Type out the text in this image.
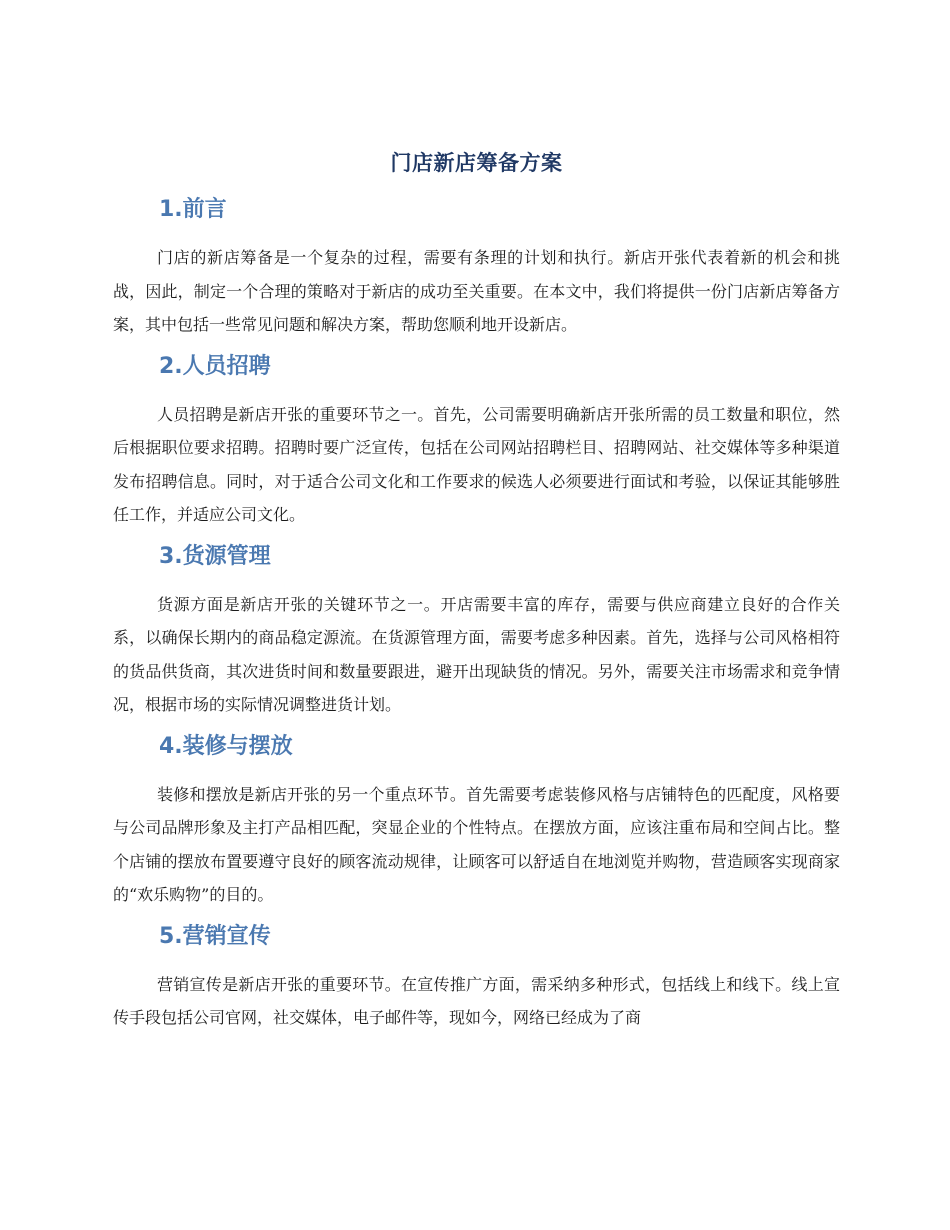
门店新店筹备方案
1.前言

门店的新店筹备是一个复杂的过程，需要有条理的计划和执行。新店开张代表着新的机会和挑战，因此，制定一个合理的策略对于新店的成功至关重要。在本文中，我们将提供一份门店新店筹备方案，其中包括一些常见问题和解决方案，帮助您顺利地开设新店。

2.人员招聘

人员招聘是新店开张的重要环节之一。首先，公司需要明确新店开张所需的员工数量和职位，然后根据职位要求招聘。招聘时要广泛宣传，包括在公司网站招聘栏目、招聘网站、社交媒体等多种渠道发布招聘信息。同时，对于适合公司文化和工作要求的候选人必须要进行面试和考验，以保证其能够胜任工作，并适应公司文化。

3.货源管理

货源方面是新店开张的关键环节之一。开店需要丰富的库存，需要与供应商建立良好的合作关系，以确保长期内的商品稳定源流。在货源管理方面，需要考虑多种因素。首先，选择与公司风格相符的货品供货商，其次进货时间和数量要跟进，避开出现缺货的情况。另外，需要关注市场需求和竞争情况，根据市场的实际情况调整进货计划。

4.装修与摆放

装修和摆放是新店开张的另一个重点环节。首先需要考虑装修风格与店铺特色的匹配度，风格要与公司品牌形象及主打产品相匹配，突显企业的个性特点。在摆放方面，应该注重布局和空间占比。整个店铺的摆放布置要遵守良好的顾客流动规律，让顾客可以舒适自在地浏览并购物，营造顾客实现商家的“欢乐购物”的目的。

5.营销宣传

营销宣传是新店开张的重要环节。在宣传推广方面，需采纳多种形式，包括线上和线下。线上宣传手段包括公司官网，社交媒体，电子邮件等，现如今，网络已经成为了商
